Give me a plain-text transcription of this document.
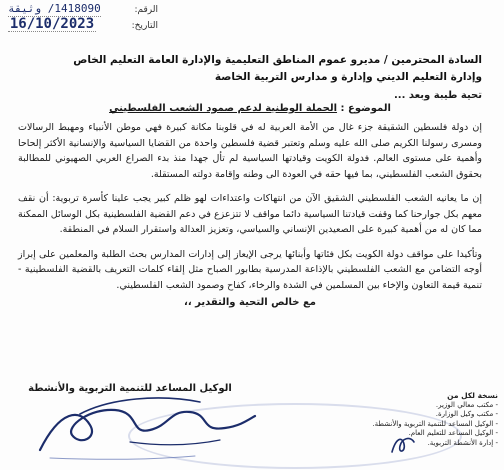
الرقم:
1418090/ وثيقة
التاريخ:
16/10/2023
السادة المحترمين / مديرو عموم المناطق التعليمية والإدارة العامة التعليم الخاص
وإدارة التعليم الديني وإدارة و مدارس التربية الخاصة
تحية طيبة وبعد ...
الموضوع : الحملة الوطنية لدعم صمود الشعب الفلسطيني

إن دولة فلسطين الشقيقة جزء غال من الأمة العربية له في قلوبنا مكانة كبيرة فهي موطن الأنبياء ومهبط الرسالات ومسرى رسولنا الكريم صلى الله عليه وسلم وتعتبر قضية فلسطين واحدة من القضايا السياسية والإنسانية الأكثر إلحاحا وأهمية على مستوى العالم. فدولة الكويت وقيادتها السياسية لم تأل جهدا منذ بدء الصراع العربي الصهيوني للمطالبة بحقوق الشعب الفلسطيني، بما فيها حقه في العودة الى وطنه وإقامة دولته المستقلة.

إن ما يعانيه الشعب الفلسطيني الشقيق الآن من انتهاكات واعتداءات لهو ظلم كبير يجب علينا كأسرة تربوية: أن نقف معهم بكل جوارحنا كما وقفت قيادتنا السياسية دائما مواقف لا تتزعزع في دعم القضية الفلسطينية بكل الوسائل الممكنة مما كان له من أهمية كبيرة على الصعيدين الإنساني والسياسي، وتعزيز العدالة واستقرار السلام في المنطقة.

وتأكيدا على مواقف دولة الكويت بكل فئاتها وأبنائها يرجى الإيعاز إلى إدارات المدارس بحث الطلبة والمعلمين على إبراز أوجه التضامن مع الشعب الفلسطيني بالإذاعة المدرسية بطابور الصباح مثل إلقاء كلمات التعريف بالقضية الفلسطينية - تنمية قيمة التعاون والإخاء بين المسلمين في الشدة والرخاء، كفاح وصمود الشعب الفلسطيني.

مع خالص التحية والتقدير ،،
الوكيل المساعد للتنمية التربوية والأنشطة
نسخة لكل من
- مكتب معالي الوزير.
- مكتب وكيل الوزارة.
- الوكيل المساعد للتنمية التربوية والأنشطة.
- الوكيل المساعد للتعليم العام.
- إدارة الأنشطة التربوية.
